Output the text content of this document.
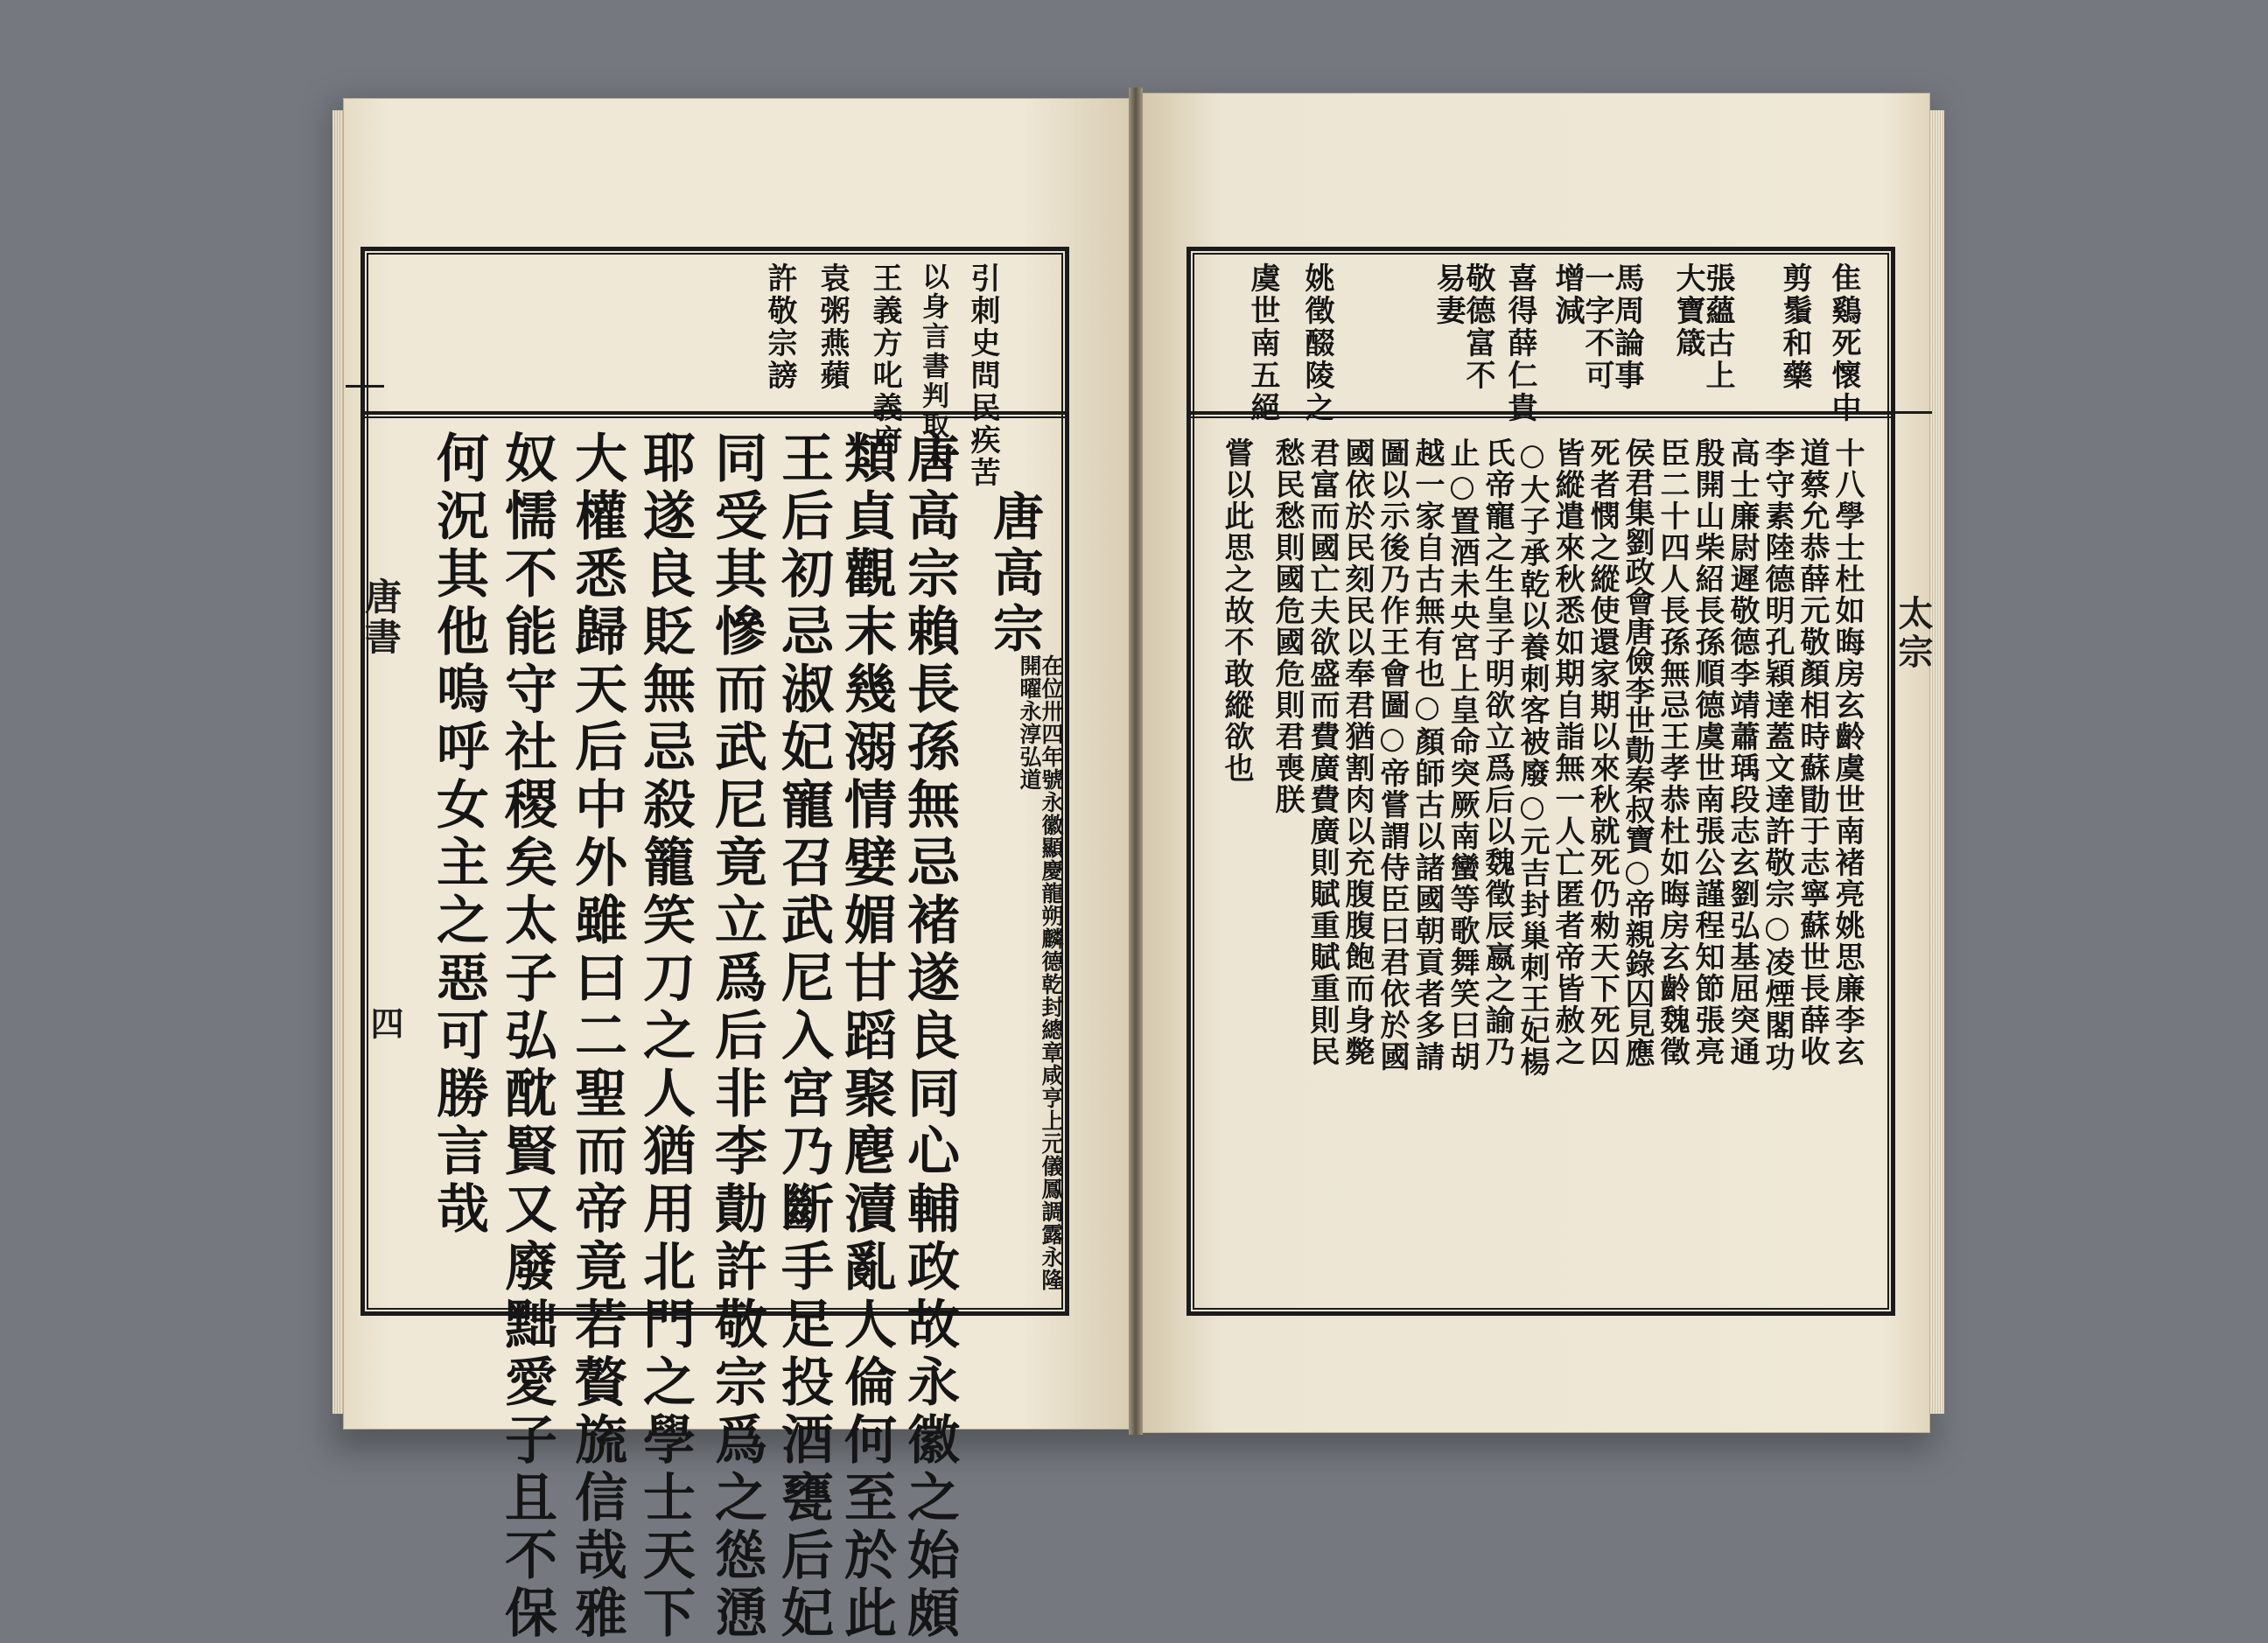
引刺史問民疾苦
以身言書判取人
王義方叱義府
袁粥燕蘋
許敬宗謗
唐書
四
唐高宗
在位卅四年號永徽顯慶龍朔麟德乾封總章咸亨上元儀鳳調露永隆開曜永淳弘道
唐高宗賴長孫無忌褚遂良同心輔政故永徽之始頗
類貞觀末幾溺情嬖媚甘蹈聚麀瀆亂人倫何至於此
王后初忌淑妃寵召武尼入宮乃斷手足投酒甕后妃
同受其慘而武尼竟立爲后非李勣許敬宗爲之慫慂
耶遂良貶無忌殺籠笑刀之人猶用北門之學士天下
大權悉歸天后中外雖曰二聖而帝竟若贅旒信哉雅
奴懦不能守社稷矣太子弘酖賢又廢黜愛子且不保
何況其他嗚呼女主之惡可勝言哉
隹鷄死懷中
剪鬚和藥
張蘊古上大寶箴
馬周論事一字不可增減
喜得薛仁貴
敬德富不易妻
姚徵醊陵之
虞世南五絕
太宗
十八學士杜如晦房玄齡虞世南褚亮姚思廉李玄
道蔡允恭薛元敬顏相時蘇勖于志寧蘇世長薛收
李守素陸德明孔穎達蓋文達許敬宗○凌煙閣功
高士廉尉遲敬德李靖蕭瑀段志玄劉弘基屈突通
殷開山柴紹長孫順德虞世南張公謹程知節張亮
臣二十四人長孫無忌王孝恭杜如晦房玄齡魏徵
侯君集劉政會唐儉李世勣秦叔寶○帝親錄囚見應
死者憫之縱使還家期以來秋就死仍勑天下死囚
皆縱遣來秋悉如期自詣無一人亡匿者帝皆赦之
○大子承乾以養刺客被廢○元吉封巢刺王妃楊
氏帝寵之生皇子明欲立爲后以魏徵辰嬴之諭乃
止○置酒未央宮上皇命突厥南蠻等歌舞笑曰胡
越一家自古無有也○顏師古以諸國朝貢者多請
圖以示後乃作王會圖○帝嘗謂侍臣曰君依於國
國依於民刻民以奉君猶割肉以充腹腹飽而身斃
君富而國亡夫欲盛而費廣費廣則賦重賦重則民
愁民愁則國危國危則君喪朕
嘗以此思之故不敢縱欲也
